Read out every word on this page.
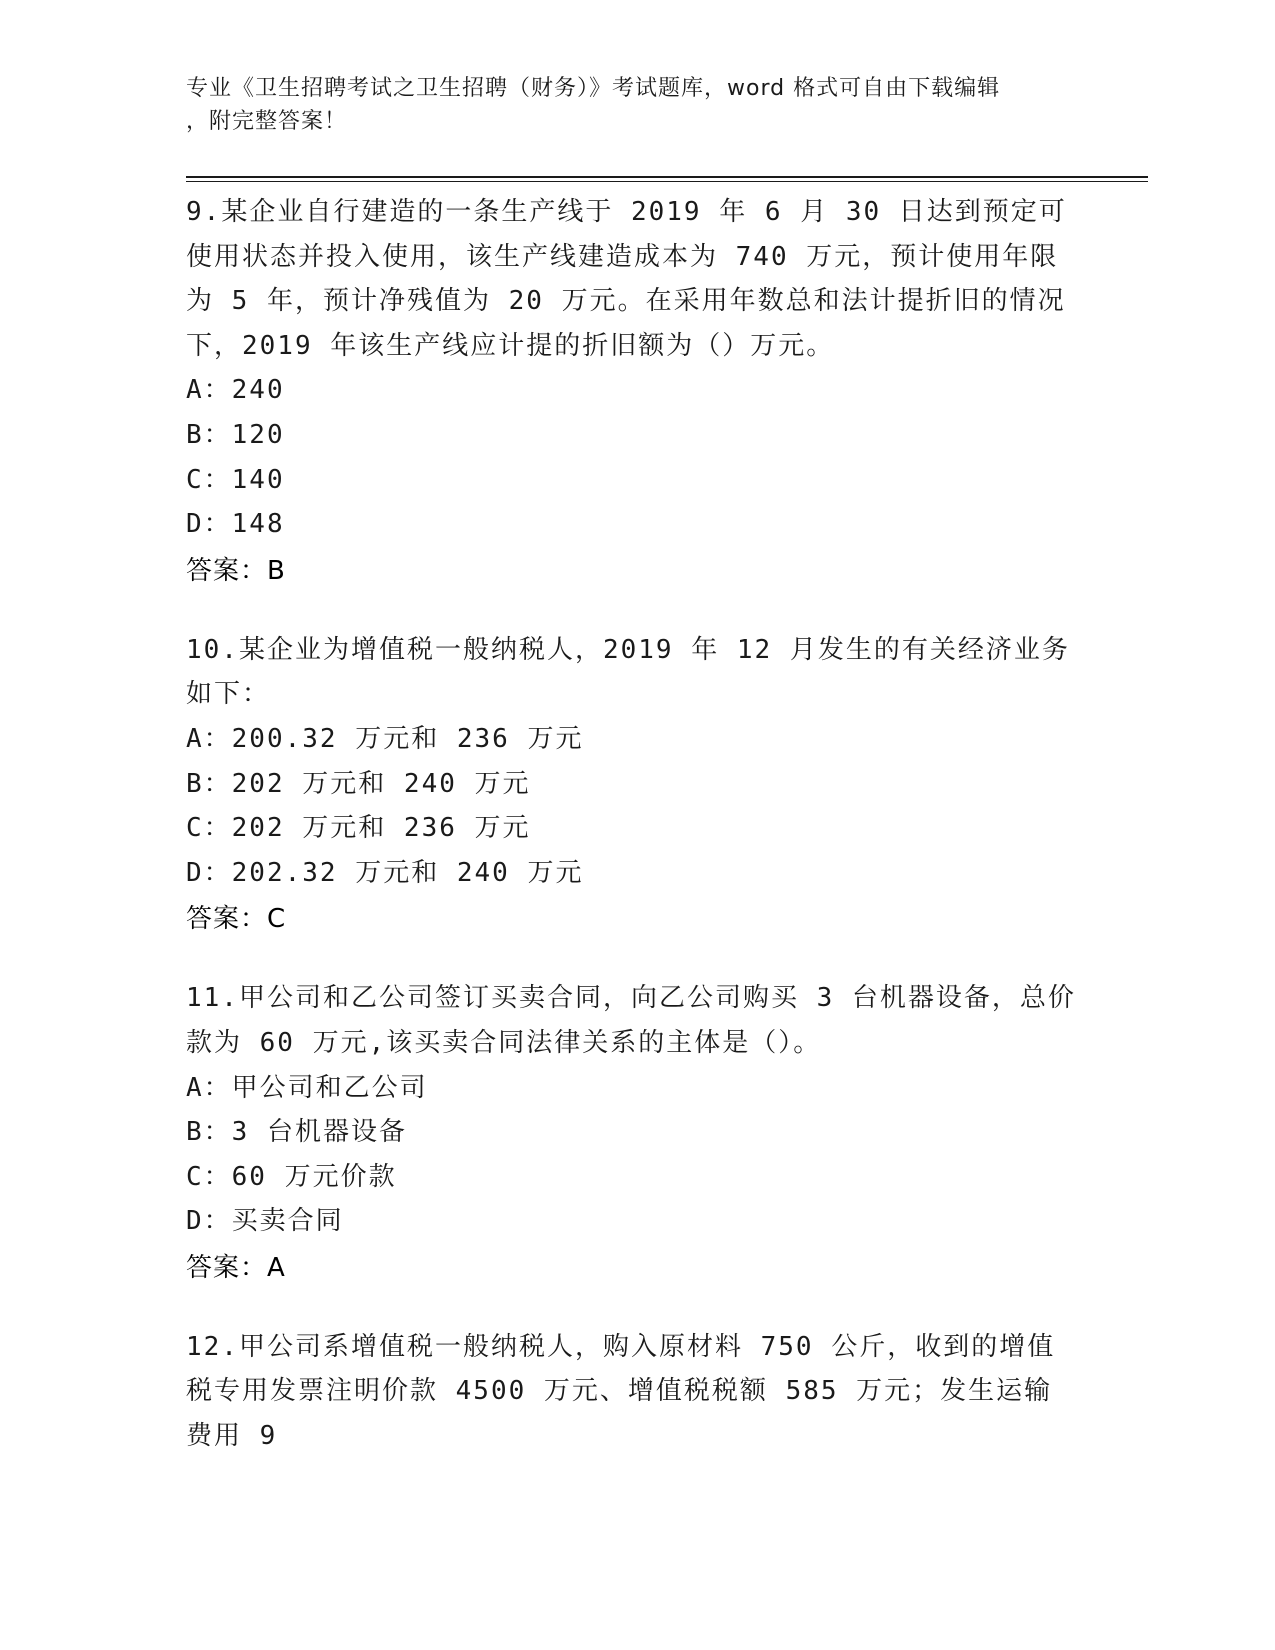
专业《卫生招聘考试之卫生招聘（财务）》考试题库，word 格式可自由下载编辑
，附完整答案！
9.某企业自行建造的一条生产线于 2019 年 6 月 30 日达到预定可使用状态并投入使用，该生产线建造成本为 740 万元，预计使用年限为 5 年，预计净残值为 20 万元。在采用年数总和法计提折旧的情况下，2019 年该生产线应计提的折旧额为（）万元。
A：240
B：120
C：140
D：148
答案：B
10.某企业为增值税一般纳税人，2019 年 12 月发生的有关经济业务如下：
A：200.32 万元和 236 万元
B：202 万元和 240 万元
C：202 万元和 236 万元
D：202.32 万元和 240 万元
答案：C
11.甲公司和乙公司签订买卖合同，向乙公司购买 3 台机器设备，总价款为 60 万元,该买卖合同法律关系的主体是（）。
A：甲公司和乙公司
B：3 台机器设备
C：60 万元价款
D：买卖合同
答案：A
12.甲公司系增值税一般纳税人，购入原材料 750 公斤，收到的增值税专用发票注明价款 4500 万元、增值税税额 585 万元；发生运输费用 9
